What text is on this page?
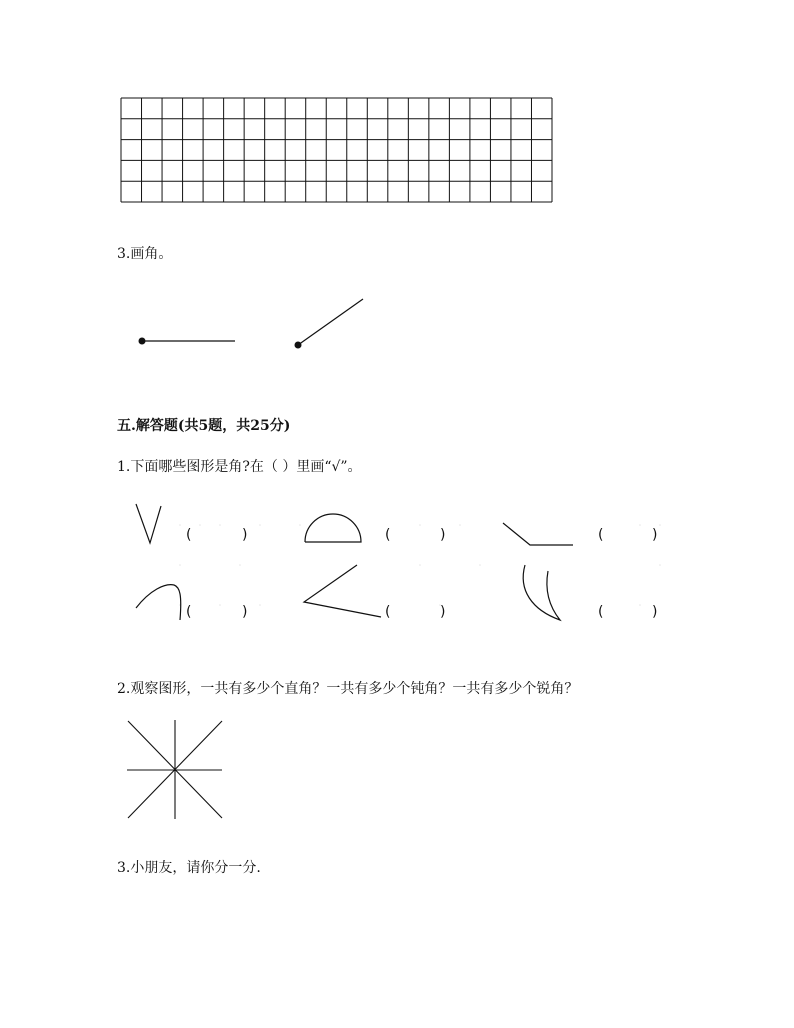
3.画角。
五.解答题(共5题，共25分)
1.下面哪些图形是角?在（ ）里画“√”。
(	)	(	)	(	)
(	)	(	)	(	)
2.观察图形，一共有多少个直角？一共有多少个钝角？一共有多少个锐角？
3.小朋友，请你分一分.
